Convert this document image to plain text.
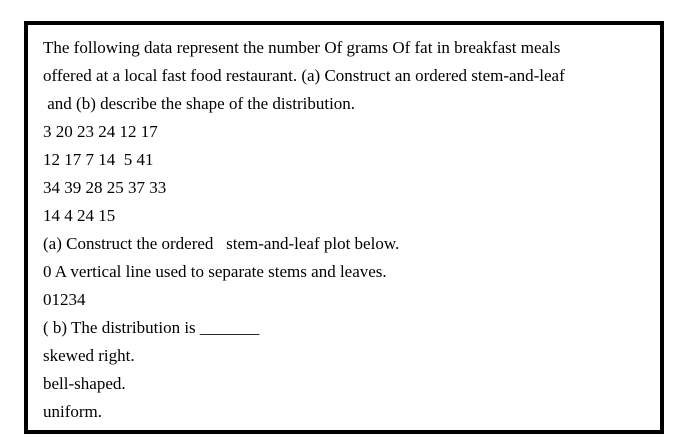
The following data represent the number Of grams Of fat in breakfast meals
offered at a local fast food restaurant. (a) Construct an ordered stem-and-leaf
and (b) describe the shape of the distribution.
3 20 23 24 12 17
12 17 7 14  5 41
34 39 28 25 37 33
14 4 24 15
(a) Construct the ordered   stem-and-leaf plot below.
0 A vertical line used to separate stems and leaves.
01234
( b) The distribution is _______
skewed right.
bell-shaped.
uniform.
